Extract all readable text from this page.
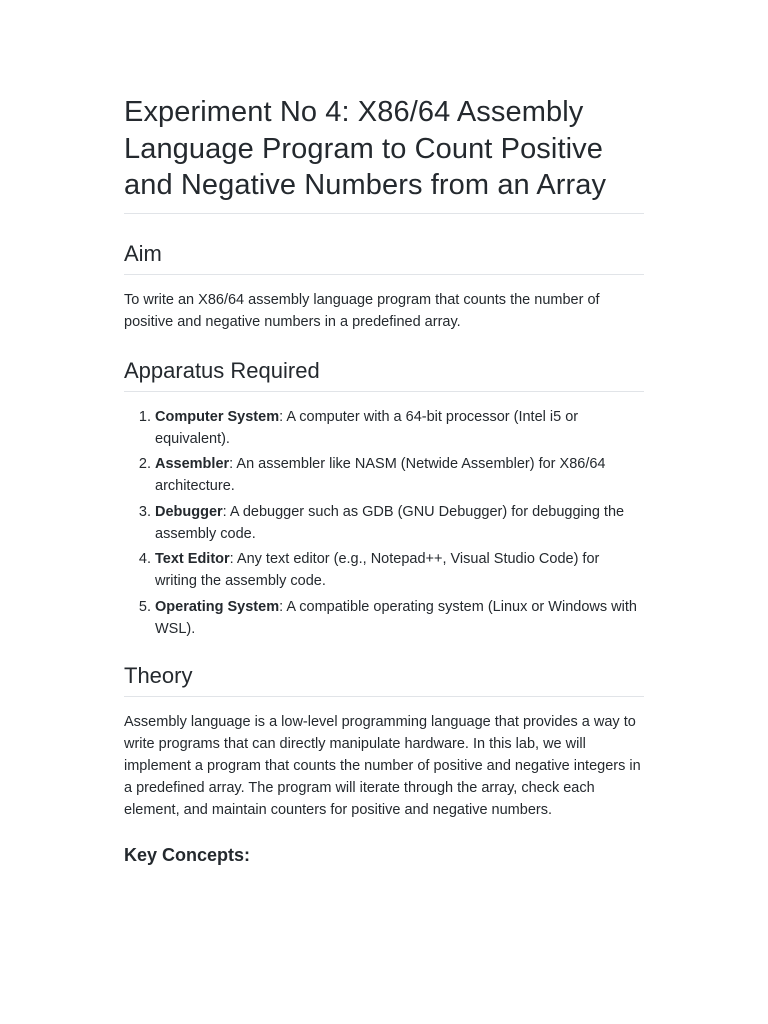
Experiment No 4: X86/64 Assembly Language Program to Count Positive and Negative Numbers from an Array
Aim

To write an X86/64 assembly language program that counts the number of positive and negative numbers in a predefined array.

Apparatus Required
1. Computer System: A computer with a 64-bit processor (Intel i5 or equivalent).
2. Assembler: An assembler like NASM (Netwide Assembler) for X86/64 architecture.
3. Debugger: A debugger such as GDB (GNU Debugger) for debugging the assembly code.
4. Text Editor: Any text editor (e.g., Notepad++, Visual Studio Code) for writing the assembly code.
5. Operating System: A compatible operating system (Linux or Windows with WSL).
Theory

Assembly language is a low-level programming language that provides a way to write programs that can directly manipulate hardware. In this lab, we will implement a program that counts the number of positive and negative integers in a predefined array. The program will iterate through the array, check each element, and maintain counters for positive and negative numbers.

Key Concepts:
